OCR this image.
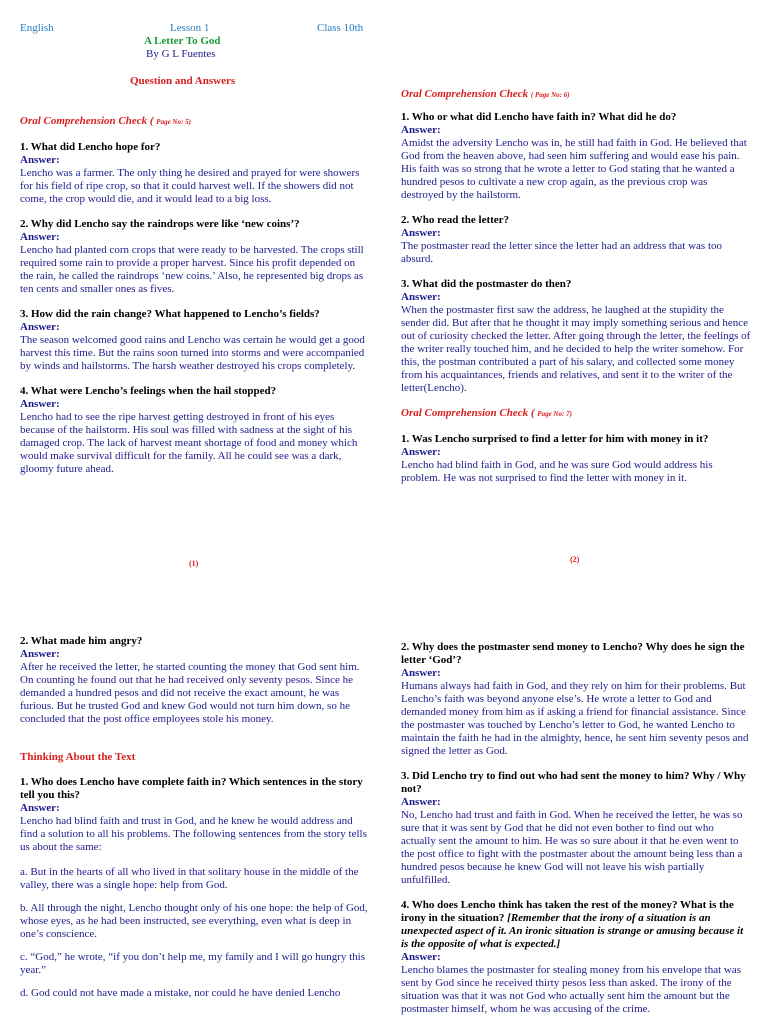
English	Lesson 1	Class 10th
A Letter To God
By G L Fuentes
Question and Answers

Oral Comprehension Check ( Page No: 5)

1. What did Lencho hope for?

Answer:

Lencho was a farmer. The only thing he desired and prayed for were showers for his field of ripe crop, so that it could harvest well. If the showers did not come, the crop would die, and it would lead to a big loss.

2. Why did Lencho say the raindrops were like ‘new coins’?

Answer:

Lencho had planted corn crops that were ready to be harvested. The crops still required some rain to provide a proper harvest. Since his profit depended on the rain, he called the raindrops ‘new coins.’ Also, he represented big drops as ten cents and smaller ones as fives.

3. How did the rain change? What happened to Lencho’s fields?

Answer:

The season welcomed good rains and Lencho was certain he would get a good harvest this time. But the rains soon turned into storms and were accompanied by winds and hailstorms. The harsh weather destroyed his crops completely.

4. What were Lencho’s feelings when the hail stopped?

Answer:

Lencho had to see the ripe harvest getting destroyed in front of his eyes because of the hailstorm. His soul was filled with sadness at the sight of his damaged crop. The lack of harvest meant shortage of food and money which would make survival difficult for the family. All he could see was a dark, gloomy future ahead.

(1)

Oral Comprehension Check ( Page No: 6)

1. Who or what did Lencho have faith in? What did he do?

Answer:

Amidst the adversity Lencho was in, he still had faith in God. He believed that God from the heaven above, had seen him suffering and would ease his pain. His faith was so strong that he wrote a letter to God stating that he wanted a hundred pesos to cultivate a new crop again, as the previous crop was destroyed by the hailstorm.

2. Who read the letter?

Answer:

The postmaster read the letter since the letter had an address that was too absurd.

3. What did the postmaster do then?

Answer:

When the postmaster first saw the address, he laughed at the stupidity the sender did. But after that he thought it may imply something serious and hence out of curiosity checked the letter. After going through the letter, the feelings of the writer really touched him, and he decided to help the writer somehow. For this, the postman contributed a part of his salary, and collected some money from his acquaintances, friends and relatives, and sent it to the writer of the letter(Lencho).

Oral Comprehension Check ( Page No: 7)

1. Was Lencho surprised to find a letter for him with money in it?

Answer:

Lencho had blind faith in God, and he was sure God would address his problem. He was not surprised to find the letter with money in it.

(2)

2. What made him angry?

Answer:

After he received the letter, he started counting the money that God sent him. On counting he found out that he had received only seventy pesos. Since he demanded a hundred pesos and did not receive the exact amount, he was furious. But he trusted God and knew God would not turn him down, so he concluded that the post office employees stole his money.

Thinking About the Text

1. Who does Lencho have complete faith in? Which sentences in the story tell you this?

Answer:

Lencho had blind faith and trust in God, and he knew he would address and find a solution to all his problems. The following sentences from the story tells us about the same:

a. But in the hearts of all who lived in that solitary house in the middle of the valley, there was a single hope: help from God.

b. All through the night, Lencho thought only of his one hope: the help of God, whose eyes, as he had been instructed, see everything, even what is deep in one’s conscience.

c. “God,” he wrote, “if you don’t help me, my family and I will go hungry this year.”

d. God could not have made a mistake, nor could he have denied Lencho

2. Why does the postmaster send money to Lencho? Why does he sign the letter ‘God’?

Answer:

Humans always had faith in God, and they rely on him for their problems. But Lencho’s faith was beyond anyone else’s. He wrote a letter to God and demanded money from him as if asking a friend for financial assistance. Since the postmaster was touched by Lencho’s letter to God, he wanted Lencho to maintain the faith he had in the almighty, hence, he sent him seventy pesos and signed the letter as God.

3. Did Lencho try to find out who had sent the money to him? Why / Why not?

Answer:

No, Lencho had trust and faith in God. When he received the letter, he was so sure that it was sent by God that he did not even bother to find out who actually sent the amount to him. He was so sure about it that he even went to the post office to fight with the postmaster about the amount being less than a hundred pesos because he knew God will not leave his wish partially unfulfilled.

4. Who does Lencho think has taken the rest of the money? What is the irony in the situation? [Remember that the irony of a situation is an unexpected aspect of it. An ironic situation is strange or amusing because it is the opposite of what is expected.]

Answer:

Lencho blames the postmaster for stealing money from his envelope that was sent by God since he received thirty pesos less than asked. The irony of the situation was that it was not God who actually sent him the amount but the postmaster himself, whom he was accusing of the crime.
